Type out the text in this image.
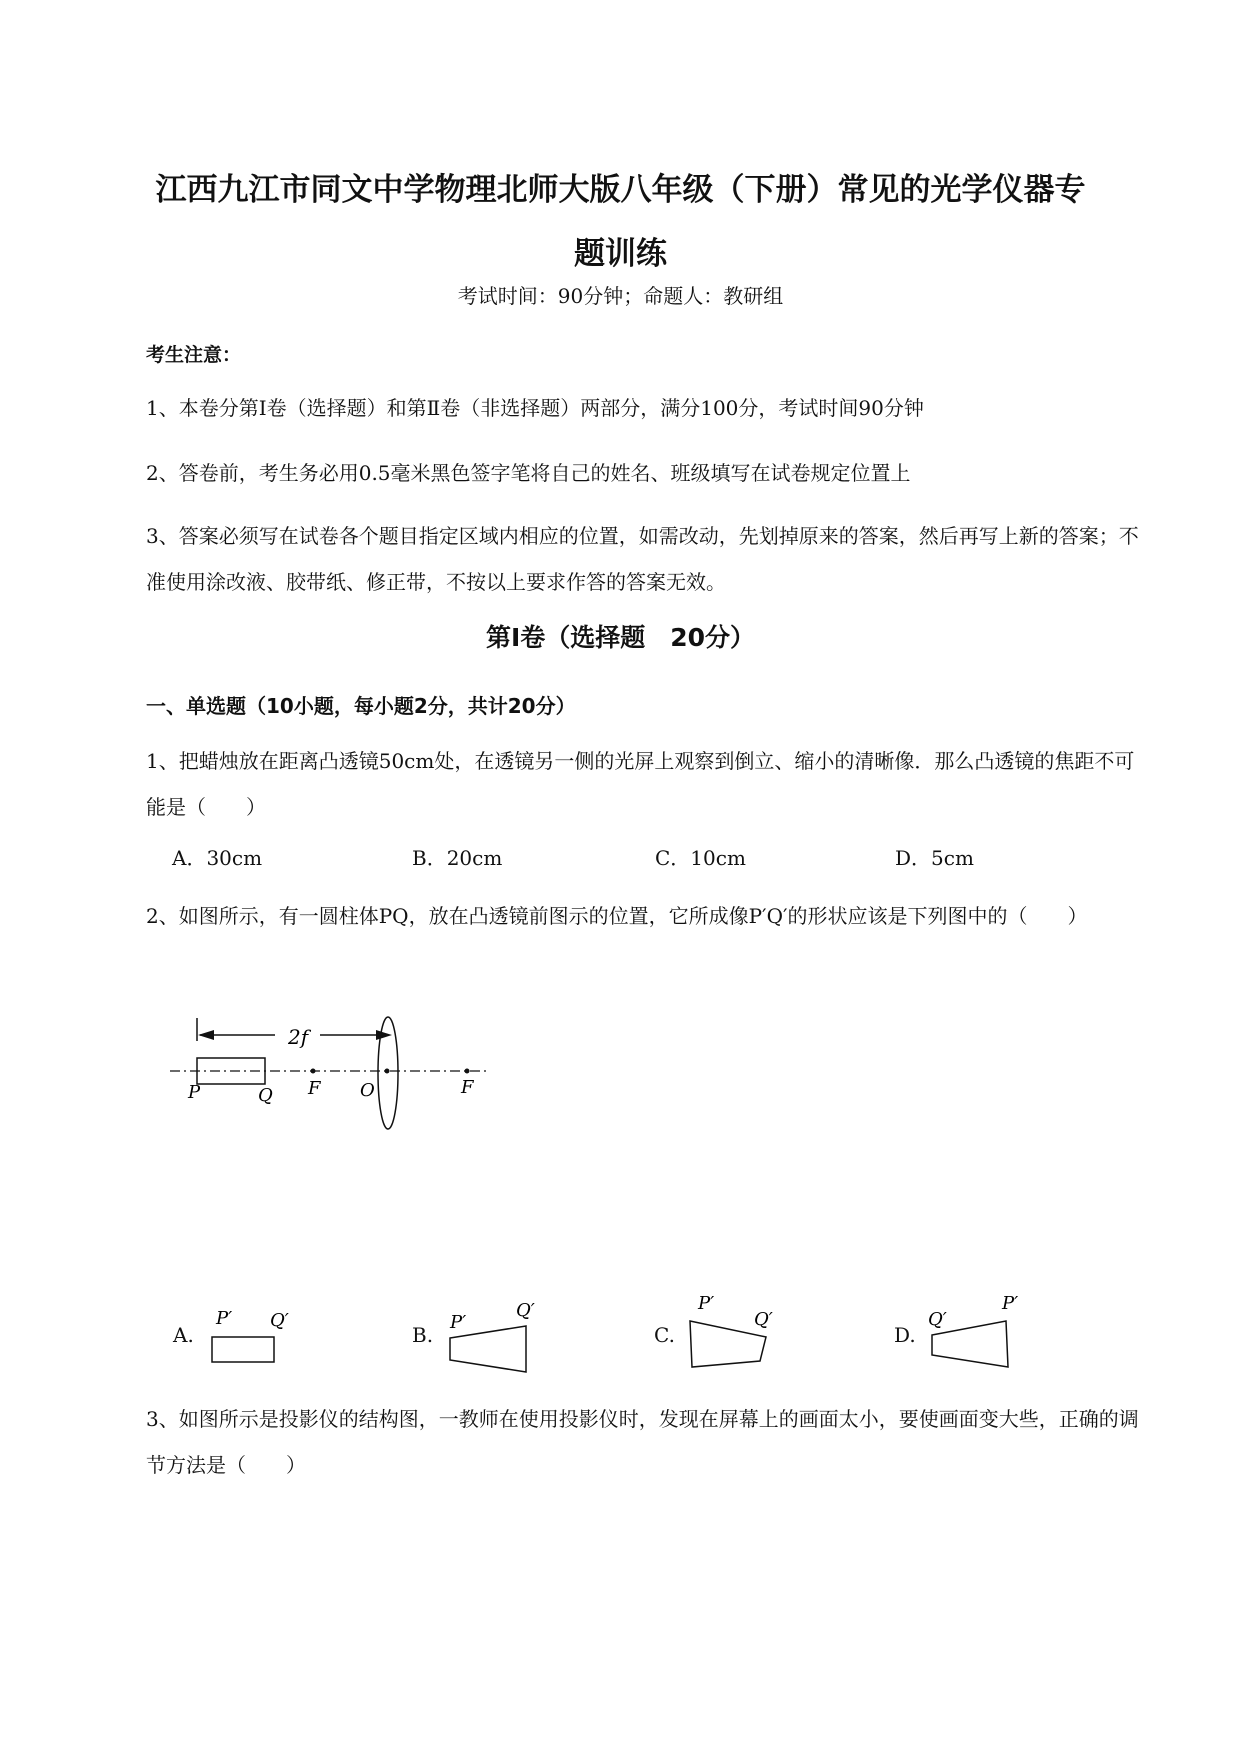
江西九江市同文中学物理北师大版八年级（下册）常见的光学仪器专
题训练
考试时间：90分钟；命题人：教研组
考生注意：
1、本卷分第Ⅰ卷（选择题）和第Ⅱ卷（非选择题）两部分，满分100分，考试时间90分钟
2、答卷前，考生务必用0.5毫米黑色签字笔将自己的姓名、班级填写在试卷规定位置上
3、答案必须写在试卷各个题目指定区域内相应的位置，如需改动，先划掉原来的答案，然后再写上新的答案；不准使用涂改液、胶带纸、修正带，不按以上要求作答的答案无效。
第Ⅰ卷（选择题　20分）
一、单选题（10小题，每小题2分，共计20分）
1、把蜡烛放在距离凸透镜50cm处，在透镜另一侧的光屏上观察到倒立、缩小的清晰像．那么凸透镜的焦距不可能是（　　）
A．30cm	B．20cm	C．10cm	D．5cm
2、如图所示，有一圆柱体PQ，放在凸透镜前图示的位置，它所成像P′Q′的形状应该是下列图中的（　　）
2f
P	Q F O	F
A.
P′ Q′
B.
P′
Q′
C.
P′
Q′
D.
Q′
P′
3、如图所示是投影仪的结构图，一教师在使用投影仪时，发现在屏幕上的画面太小，要使画面变大些，正确的调节方法是（　　）
